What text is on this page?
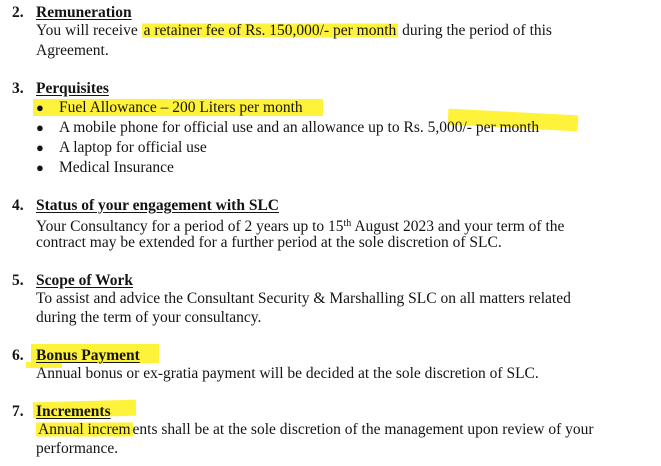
2. Remuneration
You will receive a retainer fee of Rs. 150,000/- per month during the period of this
Agreement.
3. Perquisites
● Fuel Allowance – 200 Liters per month
● A mobile phone for official use and an allowance up to Rs. 5,000/- per month
● A laptop for official use
● Medical Insurance
4. Status of your engagement with SLC
Your Consultancy for a period of 2 years up to 15th August 2023 and your term of the
contract may be extended for a further period at the sole discretion of SLC.
5. Scope of Work
To assist and advice the Consultant Security & Marshalling SLC on all matters related
during the term of your consultancy.
6. Bonus Payment
Annual bonus or ex-gratia payment will be decided at the sole discretion of SLC.
7. Increments
Annual increm ents shall be at the sole discretion of the management upon review of your
performance.
